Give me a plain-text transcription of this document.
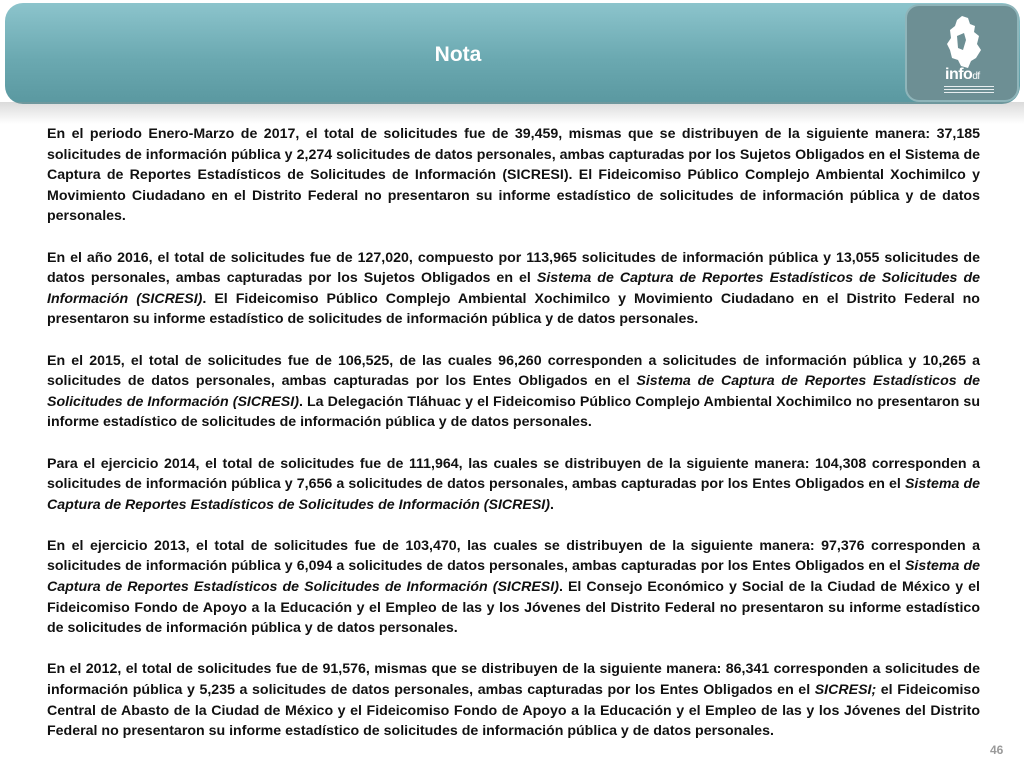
Nota
infodf

En el periodo Enero-Marzo de 2017, el total de solicitudes fue de 39,459, mismas que se distribuyen de la siguiente manera: 37,185 solicitudes de información pública y 2,274 solicitudes de datos personales, ambas capturadas por los Sujetos Obligados en el Sistema de Captura de Reportes Estadísticos de Solicitudes de Información (SICRESI). El Fideicomiso Público Complejo Ambiental Xochimilco y Movimiento Ciudadano en el Distrito Federal no presentaron su informe estadístico de solicitudes de información pública y de datos personales.

En el año 2016, el total de solicitudes fue de 127,020, compuesto por 113,965 solicitudes de información pública y 13,055 solicitudes de datos personales, ambas capturadas por los Sujetos Obligados en el Sistema de Captura de Reportes Estadísticos de Solicitudes de Información (SICRESI). El Fideicomiso Público Complejo Ambiental Xochimilco y Movimiento Ciudadano en el Distrito Federal no presentaron su informe estadístico de solicitudes de información pública y de datos personales.

En el 2015, el total de solicitudes fue de 106,525, de las cuales 96,260 corresponden a solicitudes de información pública y 10,265 a solicitudes de datos personales, ambas capturadas por los Entes Obligados en el Sistema de Captura de Reportes Estadísticos de Solicitudes de Información (SICRESI). La Delegación Tláhuac y el Fideicomiso Público Complejo Ambiental Xochimilco no presentaron su informe estadístico de solicitudes de información pública y de datos personales.

Para el ejercicio 2014, el total de solicitudes fue de 111,964, las cuales se distribuyen de la siguiente manera: 104,308 corresponden a solicitudes de información pública y 7,656 a solicitudes de datos personales, ambas capturadas por los Entes Obligados en el Sistema de Captura de Reportes Estadísticos de Solicitudes de Información (SICRESI).

En el ejercicio 2013, el total de solicitudes fue de 103,470, las cuales se distribuyen de la siguiente manera: 97,376 corresponden a solicitudes de información pública y 6,094 a solicitudes de datos personales, ambas capturadas por los Entes Obligados en el Sistema de Captura de Reportes Estadísticos de Solicitudes de Información (SICRESI). El Consejo Económico y Social de la Ciudad de México y el Fideicomiso Fondo de Apoyo a la Educación y el Empleo de las y los Jóvenes del Distrito Federal no presentaron su informe estadístico de solicitudes de información pública y de datos personales.

En el 2012, el total de solicitudes fue de 91,576, mismas que se distribuyen de la siguiente manera: 86,341 corresponden a solicitudes de información pública y 5,235 a solicitudes de datos personales, ambas capturadas por los Entes Obligados en el SICRESI; el Fideicomiso Central de Abasto de la Ciudad de México y el Fideicomiso Fondo de Apoyo a la Educación y el Empleo de las y los Jóvenes del Distrito Federal no presentaron su informe estadístico de solicitudes de información pública y de datos personales.

46
